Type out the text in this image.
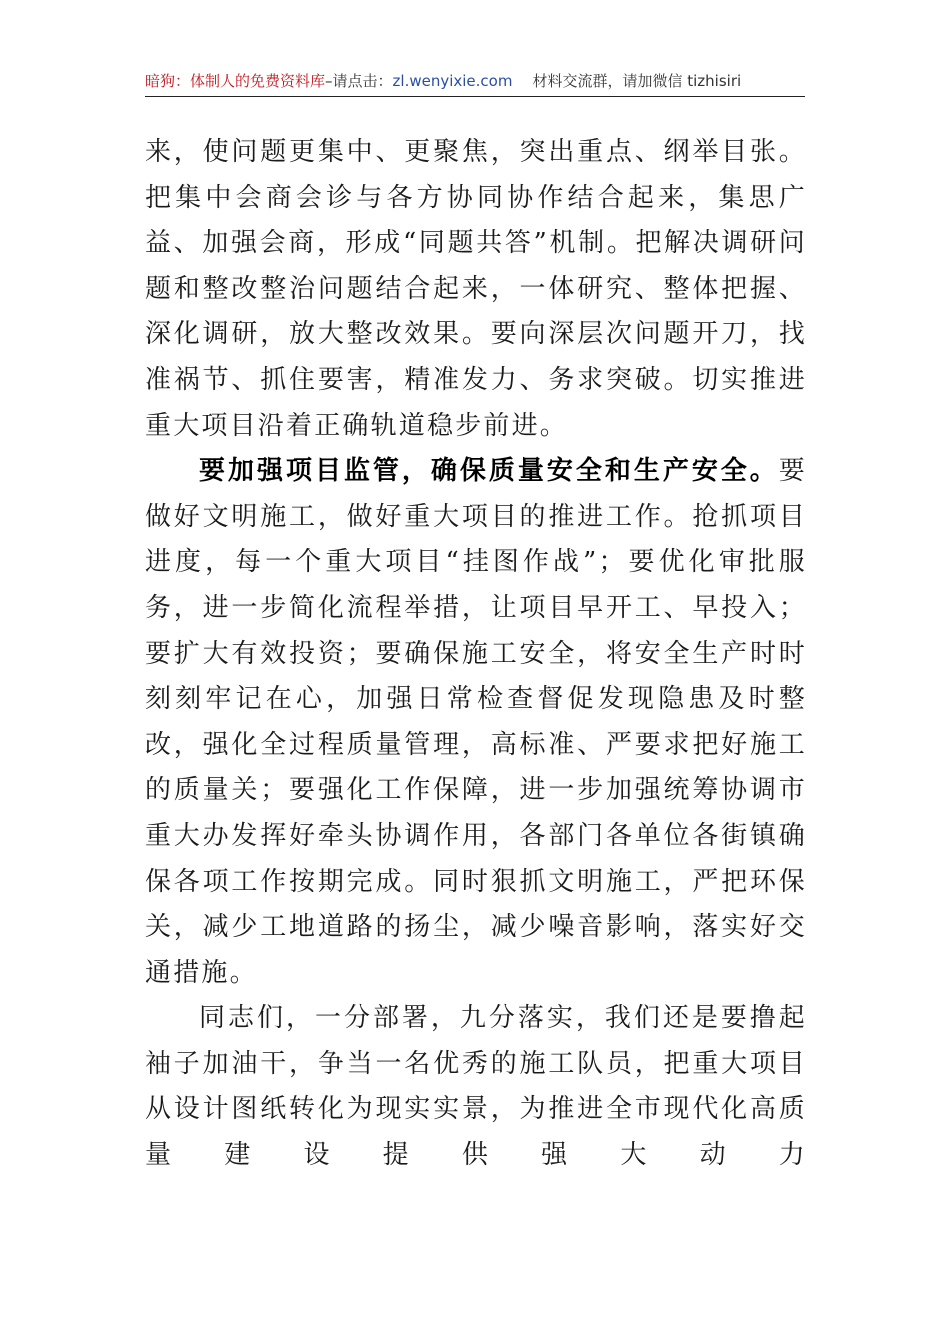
暗狗：体制人的免费资料库–请点击：zl.wenyixie.com 材料交流群，请加微信 tizhisiri

来，使问题更集中、更聚焦，突出重点、纲举目张。把集中会商会诊与各方协同协作结合起来，集思广益、加强会商，形成“同题共答”机制。把解决调研问题和整改整治问题结合起来，一体研究、整体把握、深化调研，放大整改效果。要向深层次问题开刀，找准祸节、抓住要害，精准发力、务求突破。切实推进重大项目沿着正确轨道稳步前进。

要加强项目监管，确保质量安全和生产安全。要做好文明施工，做好重大项目的推进工作。抢抓项目进度，每一个重大项目“挂图作战”；要优化审批服务，进一步简化流程举措，让项目早开工、早投入；要扩大有效投资；要确保施工安全，将安全生产时时刻刻牢记在心，加强日常检查督促发现隐患及时整改，强化全过程质量管理，高标准、严要求把好施工的质量关；要强化工作保障，进一步加强统筹协调市重大办发挥好牵头协调作用，各部门各单位各街镇确保各项工作按期完成。同时狠抓文明施工，严把环保关，减少工地道路的扬尘，减少噪音影响，落实好交通措施。

同志们，一分部署，九分落实，我们还是要撸起袖子加油干，争当一名优秀的施工队员，把重大项目从设计图纸转化为现实实景，为推进全市现代化高质量建设提供强大动力
